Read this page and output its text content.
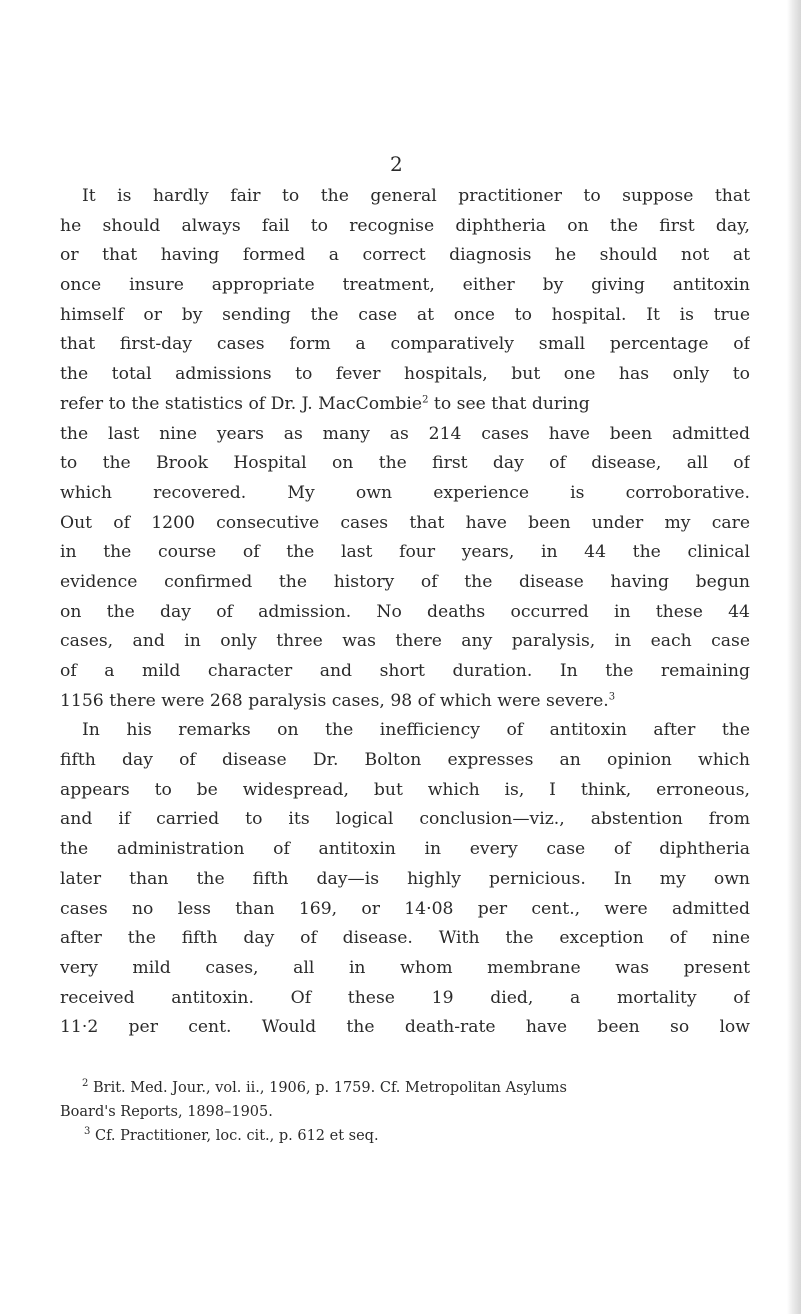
2
It is hardly fair to the general practitioner to suppose that
he should always fail to recognise diphtheria on the first day,
or that having formed a correct diagnosis he should not at
once insure appropriate treatment, either by giving antitoxin
himself or by sending the case at once to hospital. It is true
that first-day cases form a comparatively small percentage of
the total admissions to fever hospitals, but one has only to
refer to the statistics of Dr. J. MacCombie$^2$ to see that during
the last nine years as many as 214 cases have been admitted
to the Brook Hospital on the first day of disease, all of
which recovered. My own experience is corroborative.
Out of 1200 consecutive cases that have been under my care
in the course of the last four years, in 44 the clinical
evidence confirmed the history of the disease having begun
on the day of admission. No deaths occurred in these 44
cases, and in only three was there any paralysis, in each case
of a mild character and short duration. In the remaining
1156 there were 268 paralysis cases, 98 of which were severe.$^3$
In his remarks on the inefficiency of antitoxin after the
fifth day of disease Dr. Bolton expresses an opinion which
appears to be widespread, but which is, I think, erroneous,
and if carried to its logical conclusion—viz., abstention from
the administration of antitoxin in every case of diphtheria
later than the fifth day—is highly pernicious. In my own
cases no less than 169, or 14·08 per cent., were admitted
after the fifth day of disease. With the exception of nine
very mild cases, all in whom membrane was present
received antitoxin. Of these 19 died, a mortality of
11·2 per cent. Would the death-rate have been so low
$^2$ Brit. Med. Jour., vol. ii., 1906, p. 1759. Cf. Metropolitan Asylums
Board's Reports, 1898–1905.
$^3$ Cf. Practitioner, loc. cit., p. 612 et seq.
